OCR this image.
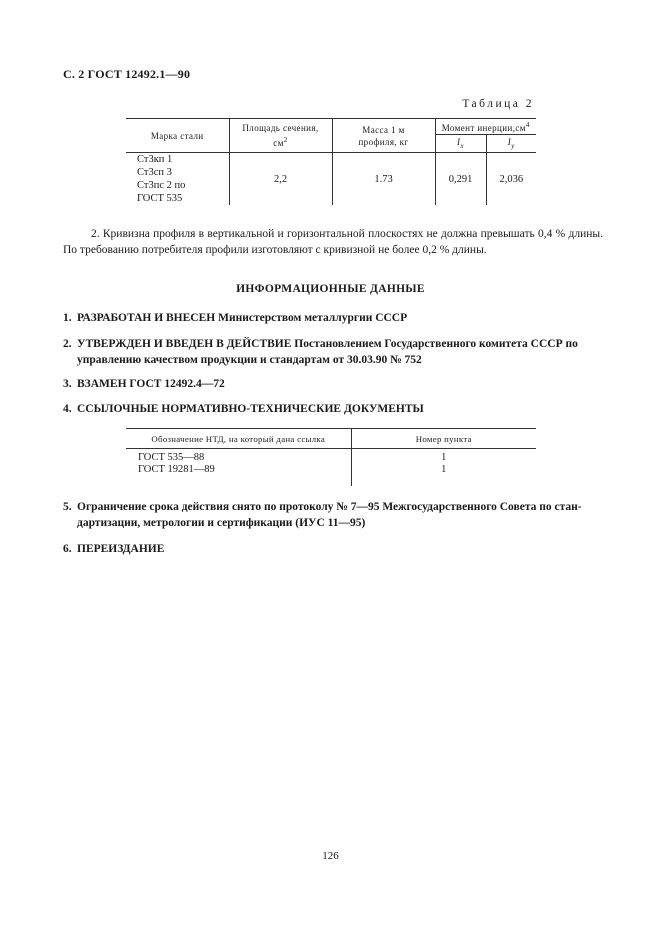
С. 2 ГОСТ 12492.1—90
Таблица 2
Марка стали	Площадь сечения, $см^2$	Масса 1 м профиля, кг	Момент $инерции,см^4$
			$I_x$	$I_y$

Ст3кп 1
Ст3сп 3
Ст3пс 2 по
ГОСТ 535	2,2	1.73	0,291	2,036
2. Кривизна профиля в вертикальной и горизонтальной плоскостях не должна превышать 0,4 % длины. По требованию потребителя профили изготовляют с кривизной не более 0,2 % длины.
ИНФОРМАЦИОННЫЕ ДАННЫЕ
1. РАЗРАБОТАН И ВНЕСЕН Министерством металлургии СССР
2. УТВЕРЖДЕН И ВВЕДЕН В ДЕЙСТВИЕ Постановлением Государственного комитета СССР по
управлению качеством продукции и стандартам от 30.03.90 № 752
3. ВЗАМЕН ГОСТ 12492.4—72
4. ССЫЛОЧНЫЕ НОРМАТИВНО-ТЕХНИЧЕСКИЕ ДОКУМЕНТЫ
Обозначение НТД, на который дана ссылка	Номер пункта
ГОСТ 535—88	1
ГОСТ 19281—89	1
5. Ограничение срока действия снято по протоколу № 7—95 Межгосударственного Совета по стан-
дартизации, метрологии и сертификации (ИУС 11—95)
6. ПЕРЕИЗДАНИЕ
126
